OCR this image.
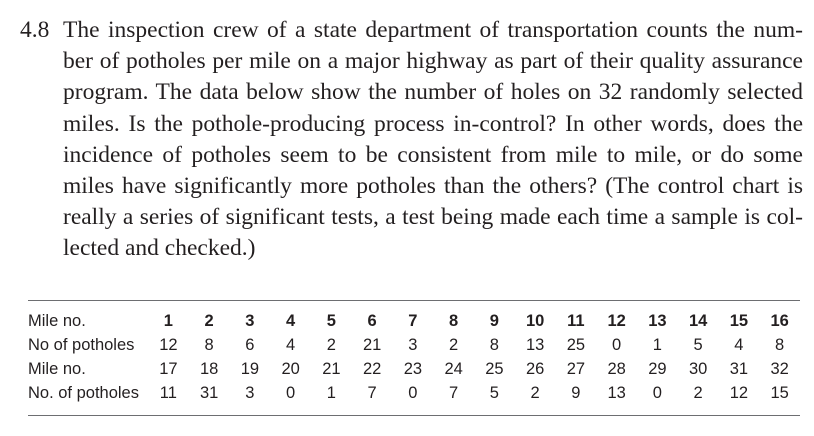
4.8 The inspection crew of a state department of transportation counts the num-
ber of potholes per mile on a major highway as part of their quality assurance
program. The data below show the number of holes on 32 randomly selected
miles. Is the pothole-producing process in-control? In other words, does the
incidence of potholes seem to be consistent from mile to mile, or do some
miles have significantly more potholes than the others? (The control chart is
really a series of significant tests, a test being made each time a sample is col-
lected and checked.)
Mile no.	1	2	3	4	5	6	7	8	9	10	11	12	13	14	15	16
No of potholes	12	8	6	4	2	21	3	2	8	13	25	0	1	5	4	8
Mile no.	17	18	19	20	21	22	23	24	25	26	27	28	29	30	31	32
No. of potholes	11	31	3	0	1	7	0	7	5	2	9	13	0	2	12	15
